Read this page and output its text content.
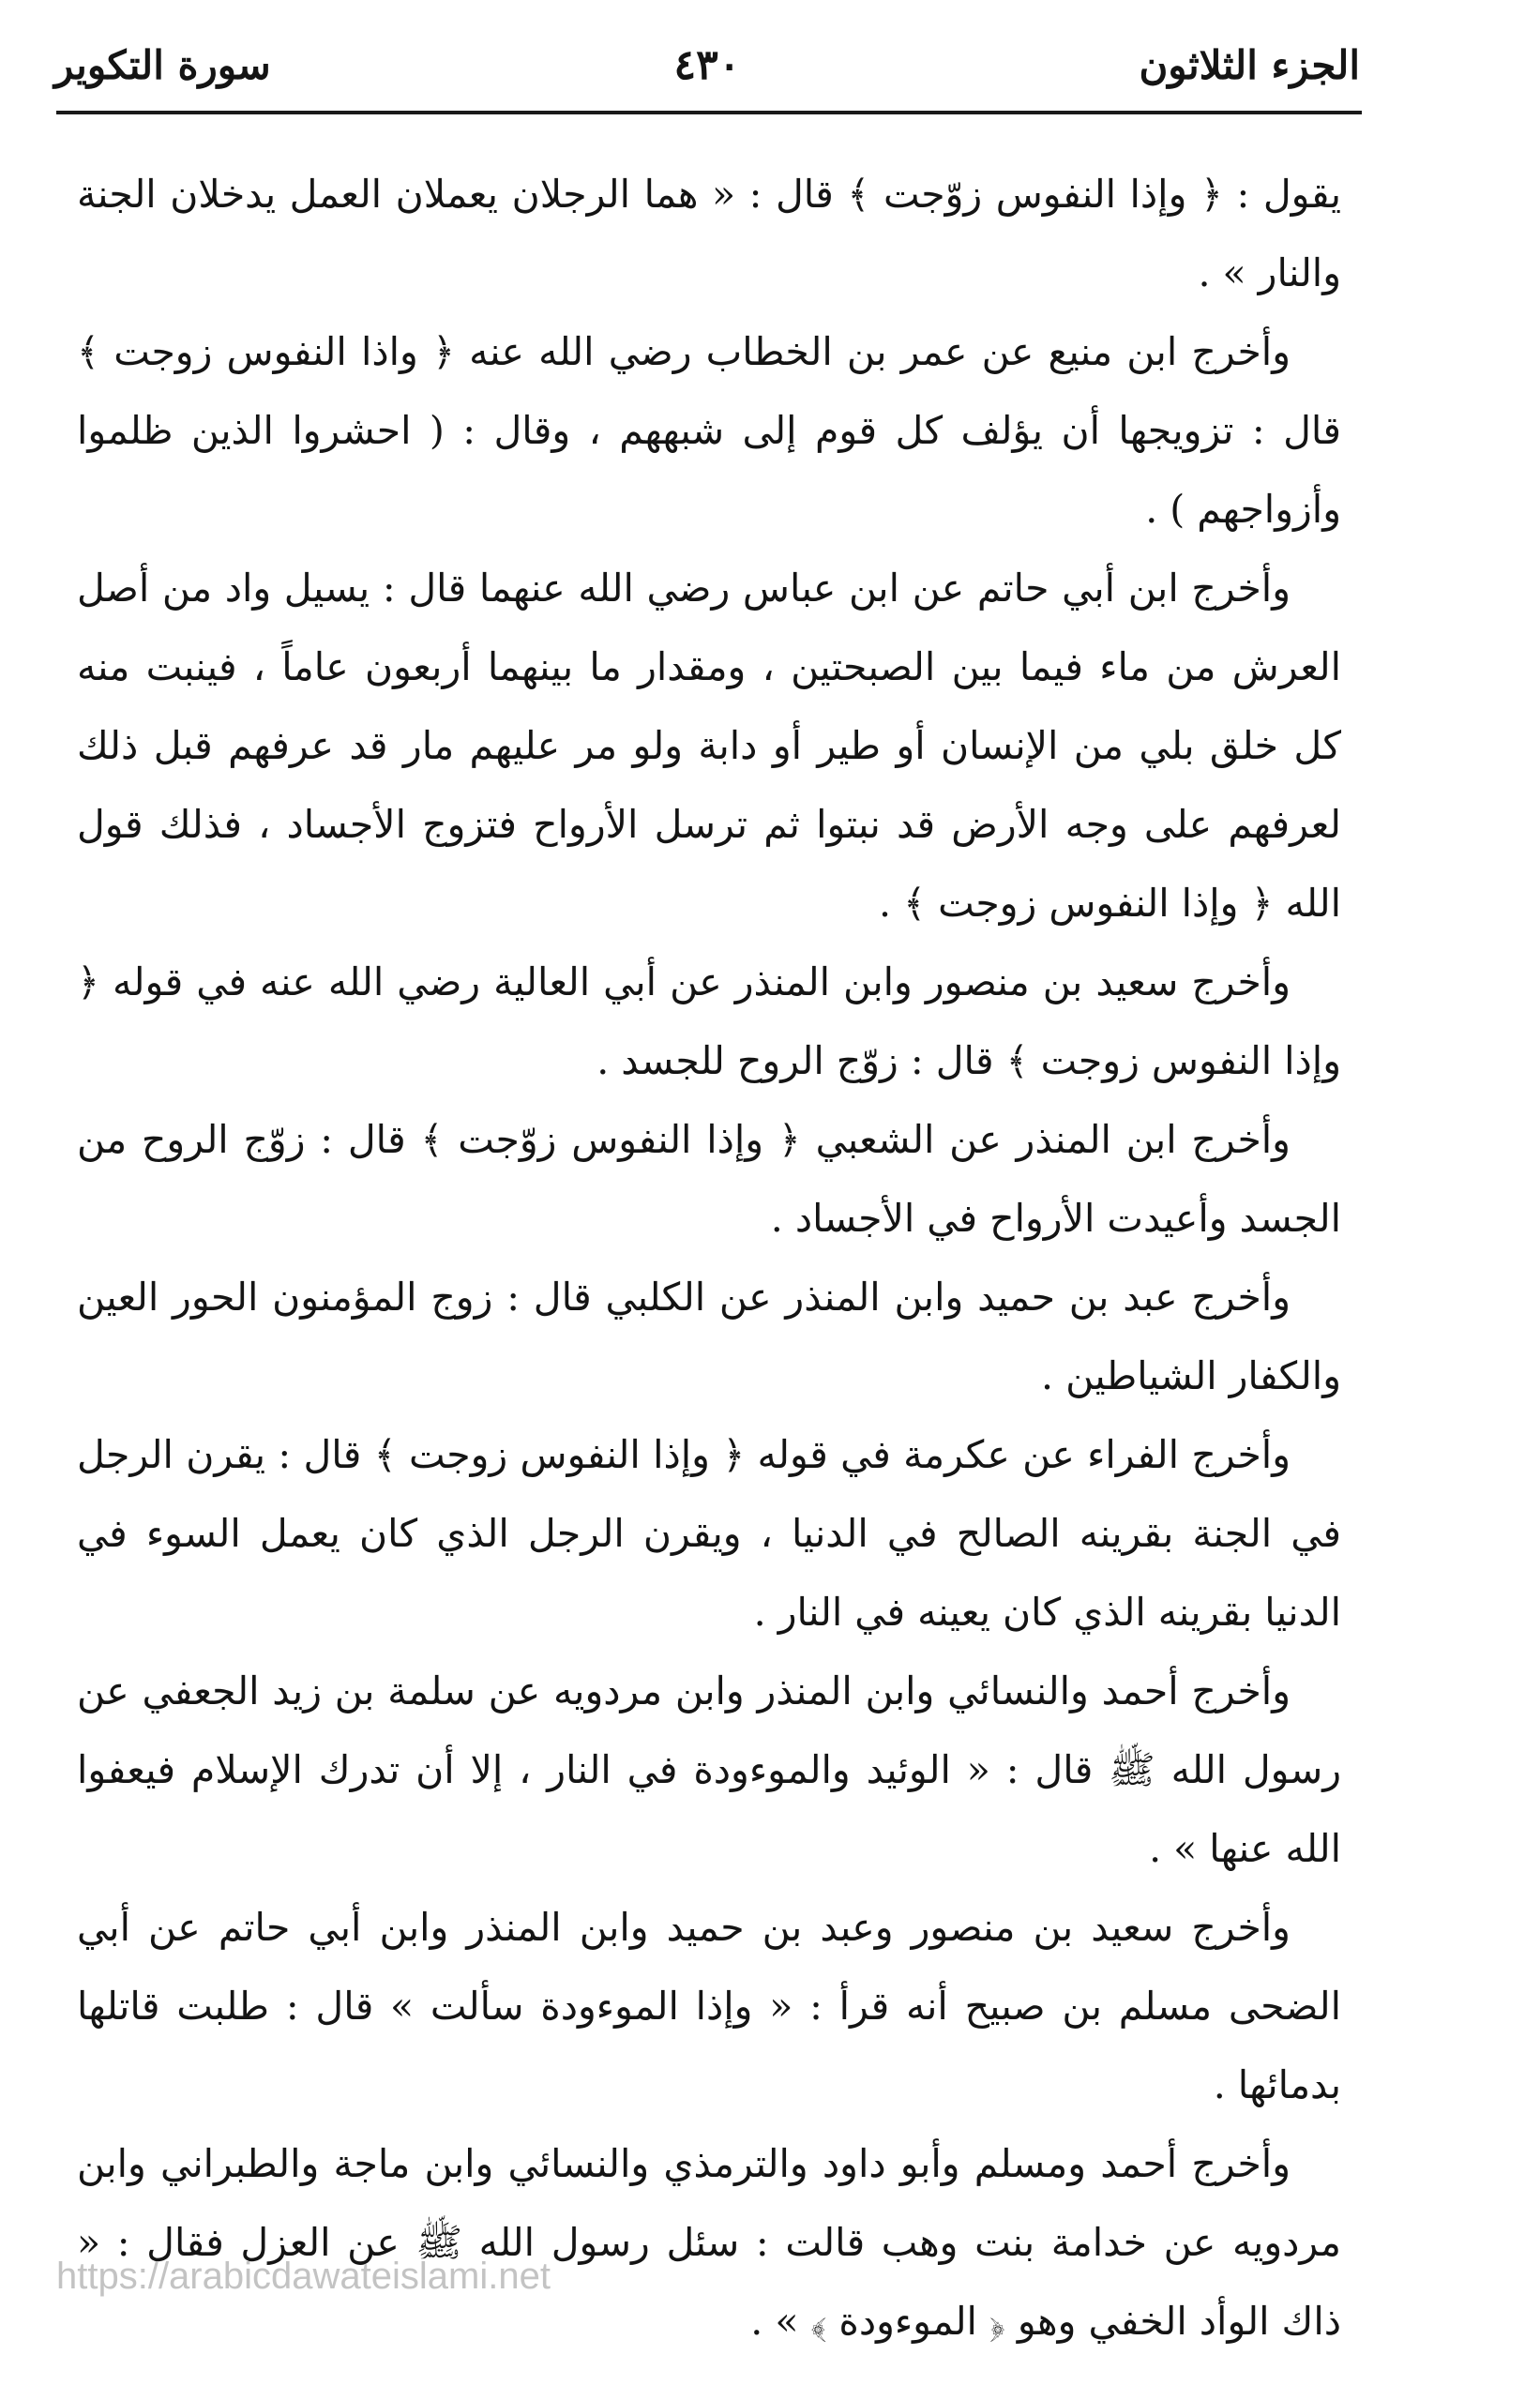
الجزء الثلاثون
٤٣٠
سورة التكوير

يقول : ﴿ وإذا النفوس زوّجت ﴾ قال : « هما الرجلان يعملان العمل يدخلان الجنة والنار » .

وأخرج ابن منيع عن عمر بن الخطاب رضي الله عنه ﴿ واذا النفوس زوجت ﴾ قال : تزويجها أن يؤلف كل قوم إلى شبههم ، وقال : ( احشروا الذين ظلموا وأزواجهم ) .

وأخرج ابن أبي حاتم عن ابن عباس رضي الله عنهما قال : يسيل واد من أصل العرش من ماء فيما بين الصبحتين ، ومقدار ما بينهما أربعون عاماً ، فينبت منه كل خلق بلي من الإنسان أو طير أو دابة ولو مر عليهم مار قد عرفهم قبل ذلك لعرفهم على وجه الأرض قد نبتوا ثم ترسل الأرواح فتزوج الأجساد ، فذلك قول الله ﴿ وإذا النفوس زوجت ﴾ .

وأخرج سعيد بن منصور وابن المنذر عن أبي العالية رضي الله عنه في قوله ﴿ وإذا النفوس زوجت ﴾ قال : زوّج الروح للجسد .

وأخرج ابن المنذر عن الشعبي ﴿ وإذا النفوس زوّجت ﴾ قال : زوّج الروح من الجسد وأعيدت الأرواح في الأجساد .

وأخرج عبد بن حميد وابن المنذر عن الكلبي قال : زوج المؤمنون الحور العين والكفار الشياطين .

وأخرج الفراء عن عكرمة في قوله ﴿ وإذا النفوس زوجت ﴾ قال : يقرن الرجل في الجنة بقرينه الصالح في الدنيا ، ويقرن الرجل الذي كان يعمل السوء في الدنيا بقرينه الذي كان يعينه في النار .

وأخرج أحمد والنسائي وابن المنذر وابن مردويه عن سلمة بن زيد الجعفي عن رسول الله ﷺ قال : « الوئيد والموءودة في النار ، إلا أن تدرك الإسلام فيعفوا الله عنها » .

وأخرج سعيد بن منصور وعبد بن حميد وابن المنذر وابن أبي حاتم عن أبي الضحى مسلم بن صبيح أنه قرأ : « وإذا الموءودة سألت » قال : طلبت قاتلها بدمائها .

وأخرج أحمد ومسلم وأبو داود والترمذي والنسائي وابن ماجة والطبراني وابن مردويه عن خدامة بنت وهب قالت : سئل رسول الله ﷺ عن العزل فقال : « ذاك الوأد الخفي وهو ﴿ الموءودة ﴾ » .

https://arabicdawateislami.net
